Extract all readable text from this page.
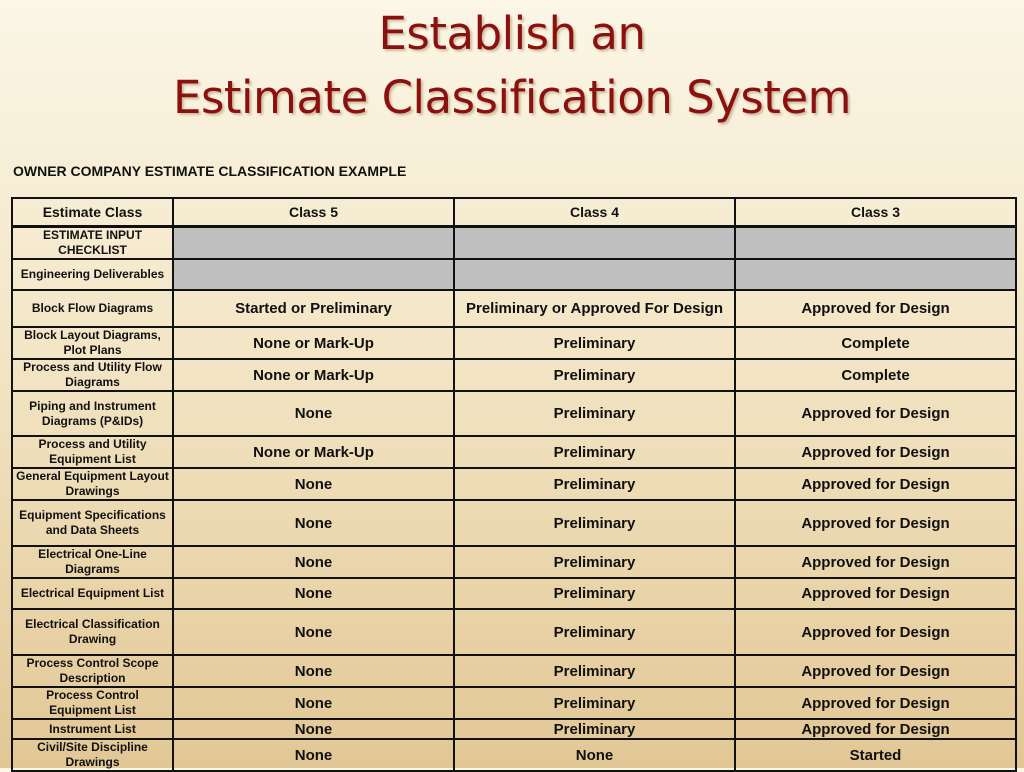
Establish an
Estimate Classification System
OWNER COMPANY ESTIMATE CLASSIFICATION EXAMPLE
Estimate Class	Class 5	Class 4	Class 3
ESTIMATE INPUT CHECKLIST			
Engineering Deliverables			
Block Flow Diagrams	Started or Preliminary	Preliminary or Approved For Design	Approved for Design
Block Layout Diagrams, Plot Plans	None or Mark-Up	Preliminary	Complete
Process and Utility Flow Diagrams	None or Mark-Up	Preliminary	Complete
Piping and Instrument Diagrams (P&IDs)	None	Preliminary	Approved for Design
Process and Utility Equipment List	None or Mark-Up	Preliminary	Approved for Design
General Equipment Layout Drawings	None	Preliminary	Approved for Design
Equipment Specifications and Data Sheets	None	Preliminary	Approved for Design
Electrical One-Line Diagrams	None	Preliminary	Approved for Design
Electrical Equipment List	None	Preliminary	Approved for Design
Electrical Classification Drawing	None	Preliminary	Approved for Design
Process Control Scope Description	None	Preliminary	Approved for Design
Process Control Equipment List	None	Preliminary	Approved for Design
Instrument List	None	Preliminary	Approved for Design
Civil/Site Discipline Drawings	None	None	Started
